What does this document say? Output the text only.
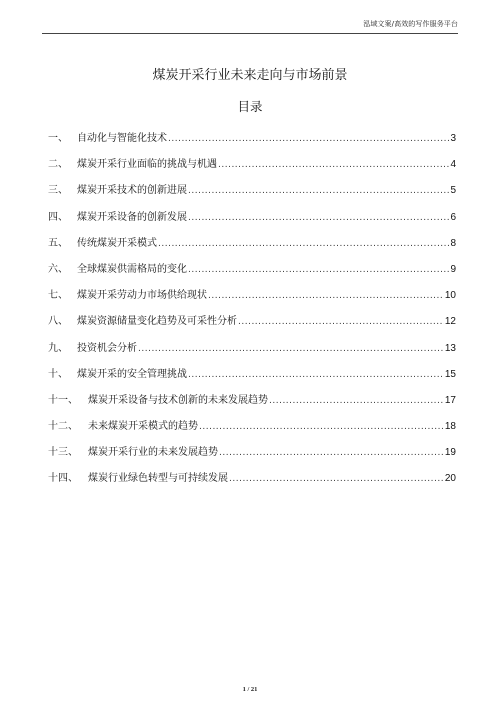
泓域文案/高效的写作服务平台
煤炭开采行业未来走向与市场前景
目录
一、 自动化与智能化技术 .....	3
二、 煤炭开采行业面临的挑战与机遇 .....	4
三、 煤炭开采技术的创新进展 .....	5
四、 煤炭开采设备的创新发展 .....	6
五、 传统煤炭开采模式 .....	8
六、 全球煤炭供需格局的变化 .....	9
七、 煤炭开采劳动力市场供给现状 .....	10
八、 煤炭资源储量变化趋势及可采性分析 .....	12
九、 投资机会分析 .....	13
十、 煤炭开采的安全管理挑战 .....	15
十一、	煤炭开采设备与技术创新的未来发展趋势 .....	17
十二、	未来煤炭开采模式的趋势 .....	18
十三、	煤炭开采行业的未来发展趋势 .....	19
十四、	煤炭行业绿色转型与可持续发展 .....	20
1 / 21
